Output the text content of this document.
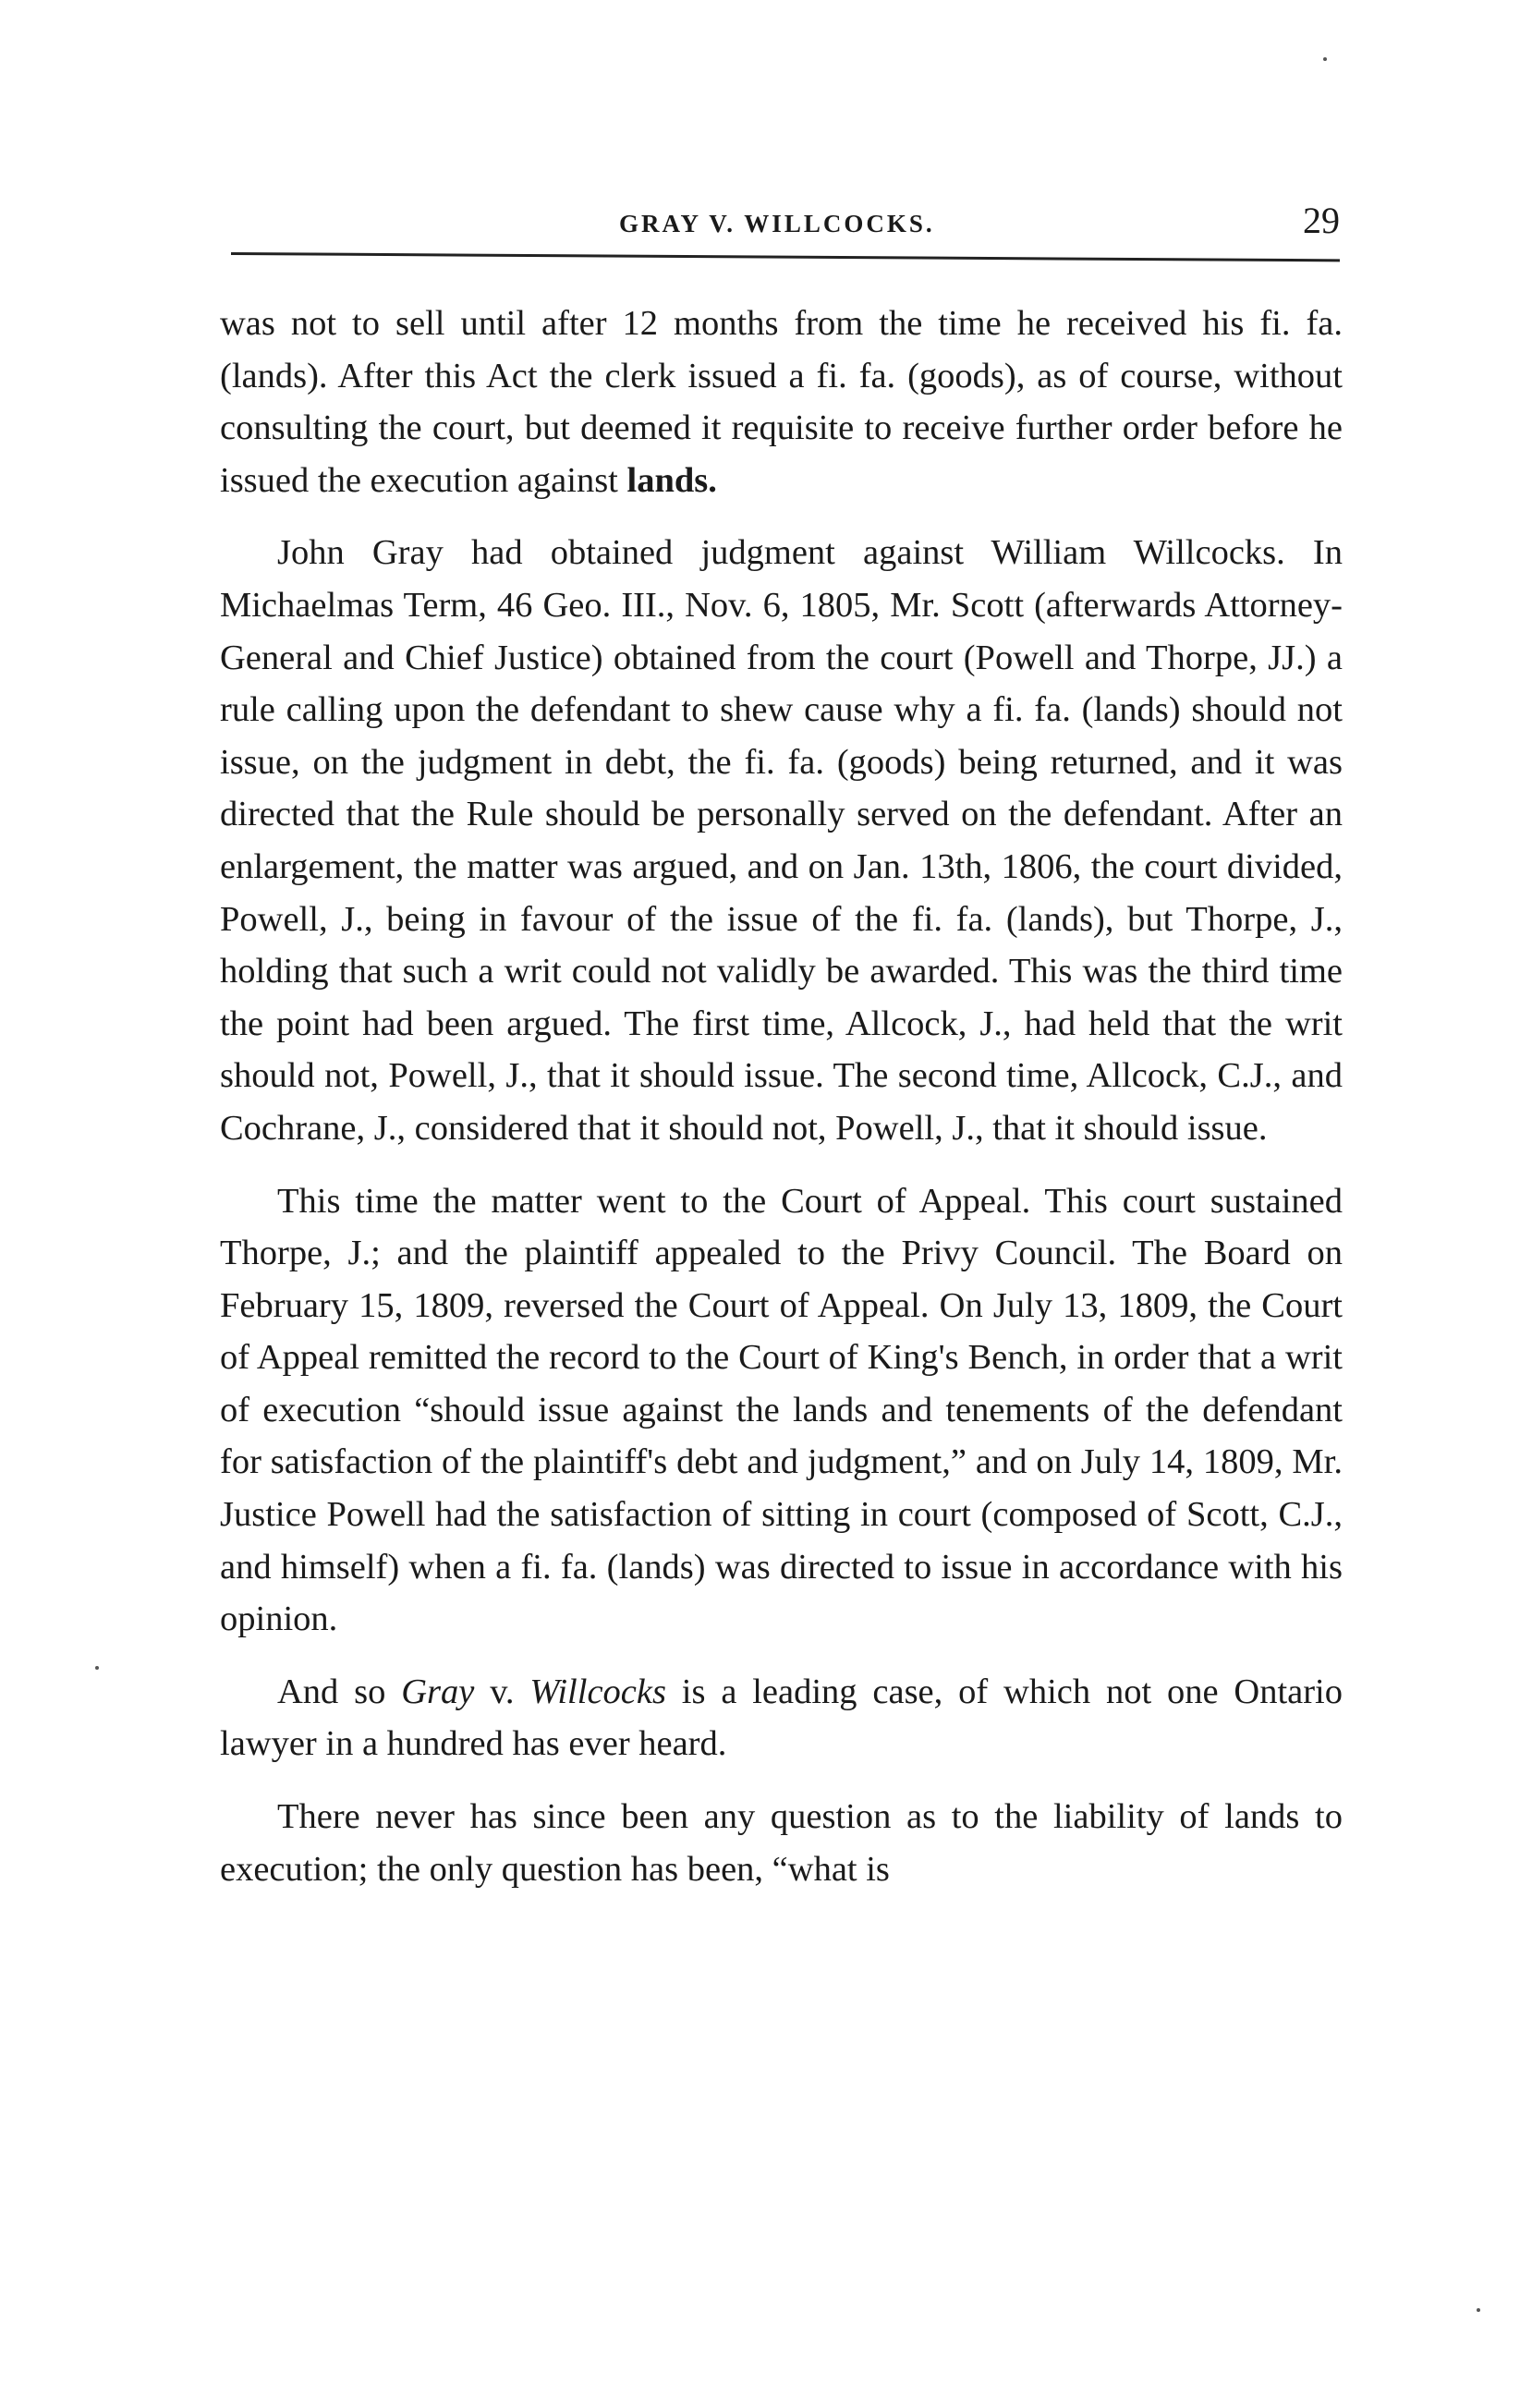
GRAY V. WILLCOCKS.	29

was not to sell until after 12 months from the time he received his fi. fa. (lands). After this Act the clerk issued a fi. fa. (goods), as of course, without consulting the court, but deemed it requisite to receive further order before he issued the execution against lands.

John Gray had obtained judgment against William Willcocks. In Michaelmas Term, 46 Geo. III., Nov. 6, 1805, Mr. Scott (afterwards Attorney-General and Chief Justice) obtained from the court (Powell and Thorpe, JJ.) a rule calling upon the defendant to shew cause why a fi. fa. (lands) should not issue, on the judgment in debt, the fi. fa. (goods) being returned, and it was directed that the Rule should be personally served on the defendant. After an enlargement, the matter was argued, and on Jan. 13th, 1806, the court divided, Powell, J., being in favour of the issue of the fi. fa. (lands), but Thorpe, J., holding that such a writ could not validly be awarded. This was the third time the point had been argued. The first time, Allcock, J., had held that the writ should not, Powell, J., that it should issue. The second time, Allcock, C.J., and Cochrane, J., considered that it should not, Powell, J., that it should issue.

This time the matter went to the Court of Appeal. This court sustained Thorpe, J.; and the plaintiff appealed to the Privy Council. The Board on February 15, 1809, reversed the Court of Appeal. On July 13, 1809, the Court of Appeal remitted the record to the Court of King's Bench, in order that a writ of execution “should issue against the lands and tenements of the defendant for satisfaction of the plaintiff's debt and judgment,” and on July 14, 1809, Mr. Justice Powell had the satisfaction of sitting in court (composed of Scott, C.J., and himself) when a fi. fa. (lands) was directed to issue in accordance with his opinion.

And so Gray v. Willcocks is a leading case, of which not one Ontario lawyer in a hundred has ever heard.

There never has since been any question as to the liability of lands to execution; the only question has been, “what is
